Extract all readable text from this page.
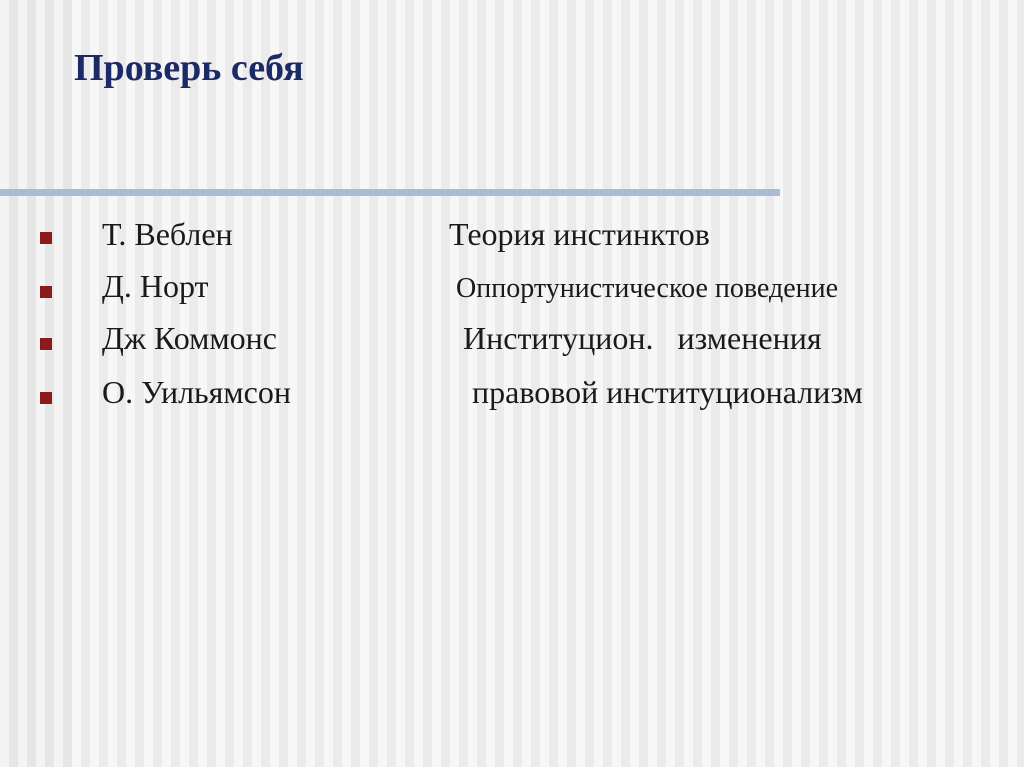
Проверь себя
Т. Веблен	Теория инстинктов
Д. Норт	Оппортунистическое поведение
Дж Коммонс	Институцион.   изменения
О. Уильямсон	правовой институционализм
